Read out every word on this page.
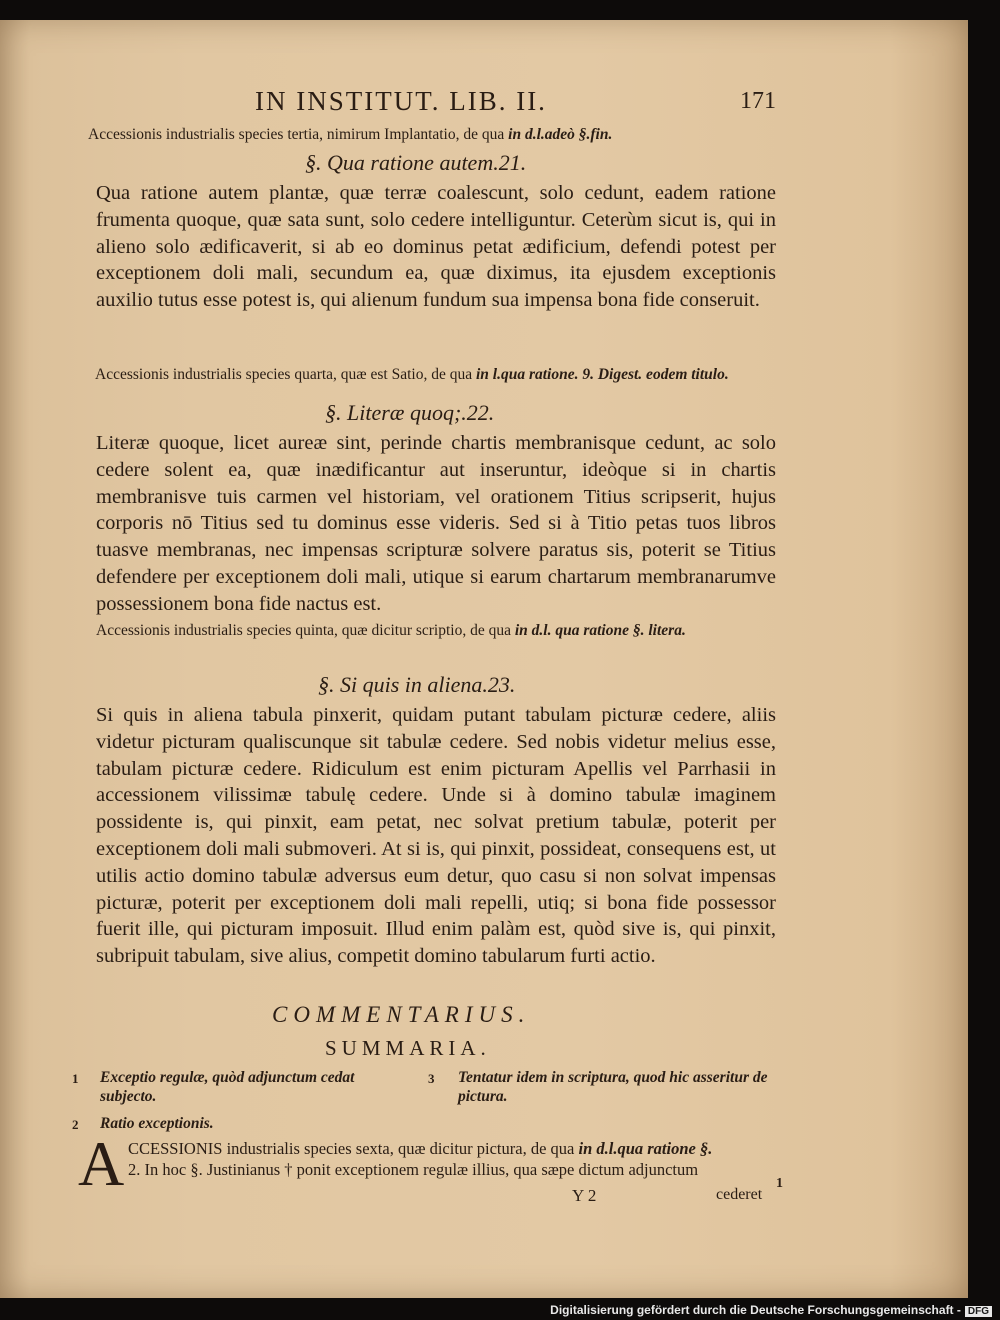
IN INSTITUT. LIB. II.	171
Accessionis industrialis species tertia, nimirum Implantatio, de qua in d.l.adeò §.fin.
§. Qua ratione autem.21.
Qua ratione autem plantæ, quæ terræ coalescunt, solo cedunt, eadem ratione frumenta quoque, quæ sata sunt, solo cedere intelliguntur. Ceterùm sicut is, qui in alieno solo ædificaverit, si ab eo dominus petat ædificium, defendi potest per exceptionem doli mali, secundum ea, quæ diximus, ita ejusdem exceptionis auxilio tutus esse potest is, qui alienum fundum sua impensa bona fide conseruit.
Accessionis industrialis species quarta, quæ est Satio, de qua in l.qua ratione. 9. Digest. eodem titulo.
§. Literæ quoq;.22.
Literæ quoque, licet aureæ sint, perinde chartis membranisque cedunt, ac solo cedere solent ea, quæ inædificantur aut inseruntur, ideòque si in chartis membranisve tuis carmen vel historiam, vel orationem Titius scripserit, hujus corporis nō Titius sed tu dominus esse videris. Sed si à Titio petas tuos libros tuasve membranas, nec impensas scripturæ solvere paratus sis, poterit se Titius defendere per exceptionem doli mali, utique si earum chartarum membranarumve possessionem bona fide nactus est.
Accessionis industrialis species quinta, quæ dicitur scriptio, de qua in d.l. qua ratione §. litera.
§. Si quis in aliena.23.
Si quis in aliena tabula pinxerit, quidam putant tabulam picturæ cedere, aliis videtur picturam qualiscunque sit tabulæ cedere. Sed nobis videtur melius esse, tabulam picturæ cedere. Ridiculum est enim picturam Apellis vel Parrhasii in accessionem vilissimæ tabulę cedere. Unde si à domino tabulæ imaginem possidente is, qui pinxit, eam petat, nec solvat pretium tabulæ, poterit per exceptionem doli mali submoveri. At si is, qui pinxit, possideat, consequens est, ut utilis actio domino tabulæ adversus eum detur, quo casu si non solvat impensas picturæ, poterit per exceptionem doli mali repelli, utiq; si bona fide possessor fuerit ille, qui picturam imposuit. Illud enim palàm est, quòd sive is, qui pinxit, subripuit tabulam, sive alius, competit domino tabularum furti actio.
COMMENTARIUS.
SUMMARIA.
1 Exceptio regulæ, quòd adjunctum cedat subjecto.
2 Ratio exceptionis.
3 Tentatur idem in scriptura, quod hic asseritur de pictura.
A CCESSIONIS industrialis species sexta, quæ dicitur pictura, de qua in d.l.qua ratione §.
2. In hoc §. Justinianus † ponit exceptionem regulæ illius, qua sæpe dictum adjunctum
Y 2	cederet
1
Digitalisierung gefördert durch die Deutsche Forschungsgemeinschaft - DFG
